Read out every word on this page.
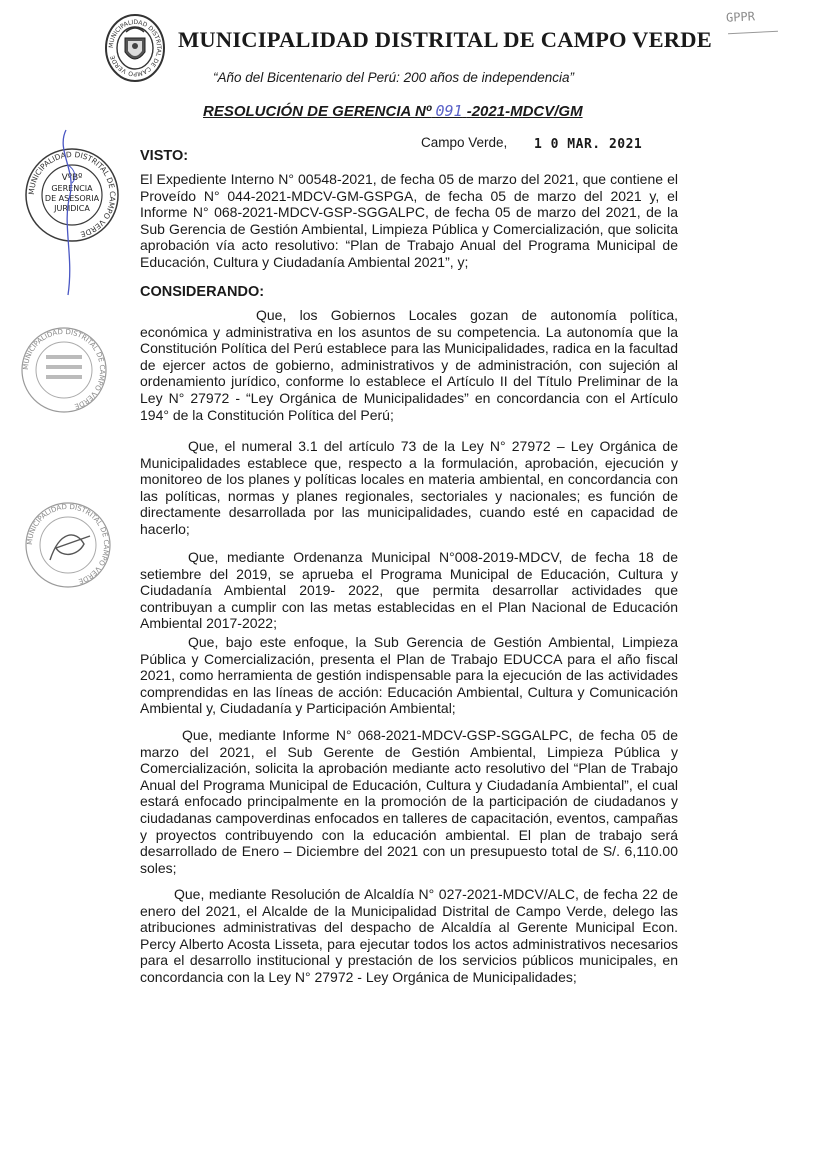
MUNICIPALIDAD DISTRITAL DE CAMPO VERDE
MUNICIPALIDAD DISTRITAL DE CAMPO VERDE
GPPR
“Año del Bicentenario del Perú: 200 años de independencia”
RESOLUCIÓN DE GERENCIA Nº 091 -2021-MDCV/GM
Campo Verde, 1 0 MAR. 2021
VISTO:

El Expediente Interno N° 00548-2021, de fecha 05 de marzo del 2021, que contiene el Proveído N° 044-2021-MDCV-GM-GSPGA, de fecha 05 de marzo del 2021 y, el Informe N° 068-2021-MDCV-GSP-SGGALPC, de fecha 05 de marzo del 2021, de la Sub Gerencia de Gestión Ambiental, Limpieza Pública y Comercialización, que solicita aprobación vía acto resolutivo: “Plan de Trabajo Anual del Programa Municipal de Educación, Cultura y Ciudadanía Ambiental 2021”, y;

CONSIDERANDO:

Que, los Gobiernos Locales gozan de autonomía política, económica y administrativa en los asuntos de su competencia. La autonomía que la Constitución Política del Perú establece para las Municipalidades, radica en la facultad de ejercer actos de gobierno, administrativos y de administración, con sujeción al ordenamiento jurídico, conforme lo establece el Artículo II del Título Preliminar de la Ley N° 27972 - “Ley Orgánica de Municipalidades” en concordancia con el Artículo 194° de la Constitución Política del Perú;

Que, el numeral 3.1 del artículo 73 de la Ley N° 27972 – Ley Orgánica de Municipalidades establece que, respecto a la formulación, aprobación, ejecución y monitoreo de los planes y políticas locales en materia ambiental, en concordancia con las políticas, normas y planes regionales, sectoriales y nacionales; es función de directamente desarrollada por las municipalidades, cuando esté en capacidad de hacerlo;

Que, mediante Ordenanza Municipal N°008-2019-MDCV, de fecha 18 de setiembre del 2019, se aprueba el Programa Municipal de Educación, Cultura y Ciudadanía Ambiental 2019- 2022, que permita desarrollar actividades que contribuyan a cumplir con las metas establecidas en el Plan Nacional de Educación Ambiental 2017-2022;

Que, bajo este enfoque, la Sub Gerencia de Gestión Ambiental, Limpieza Pública y Comercialización, presenta el Plan de Trabajo EDUCCA para el año fiscal 2021, como herramienta de gestión indispensable para la ejecución de las actividades comprendidas en las líneas de acción: Educación Ambiental, Cultura y Comunicación Ambiental y, Ciudadanía y Participación Ambiental;

Que, mediante Informe N° 068-2021-MDCV-GSP-SGGALPC, de fecha 05 de marzo del 2021, el Sub Gerente de Gestión Ambiental, Limpieza Pública y Comercialización, solicita la aprobación mediante acto resolutivo del “Plan de Trabajo Anual del Programa Municipal de Educación, Cultura y Ciudadanía Ambiental”, el cual estará enfocado principalmente en la promoción de la participación de ciudadanos y ciudadanas campoverdinas enfocados en talleres de capacitación, eventos, campañas y proyectos contribuyendo con la educación ambiental. El plan de trabajo será desarrollado de Enero – Diciembre del 2021 con un presupuesto total de S/. 6,110.00 soles;

Que, mediante Resolución de Alcaldía N° 027-2021-MDCV/ALC, de fecha 22 de enero del 2021, el Alcalde de la Municipalidad Distrital de Campo Verde, delego las atribuciones administrativas del despacho de Alcaldía al Gerente Municipal Econ. Percy Alberto Acosta Lisseta, para ejecutar todos los actos administrativos necesarios para el desarrollo institucional y prestación de los servicios públicos municipales, en concordancia con la Ley N° 27972 - Ley Orgánica de Municipalidades;

MUNICIPALIDAD DISTRITAL DE CAMPO VERDE
VºBº
GERENCIA
DE ASESORIA
JURIDICA
MUNICIPALIDAD DISTRITAL DE CAMPO VERDE
MUNICIPALIDAD DISTRITAL DE CAMPO VERDE
